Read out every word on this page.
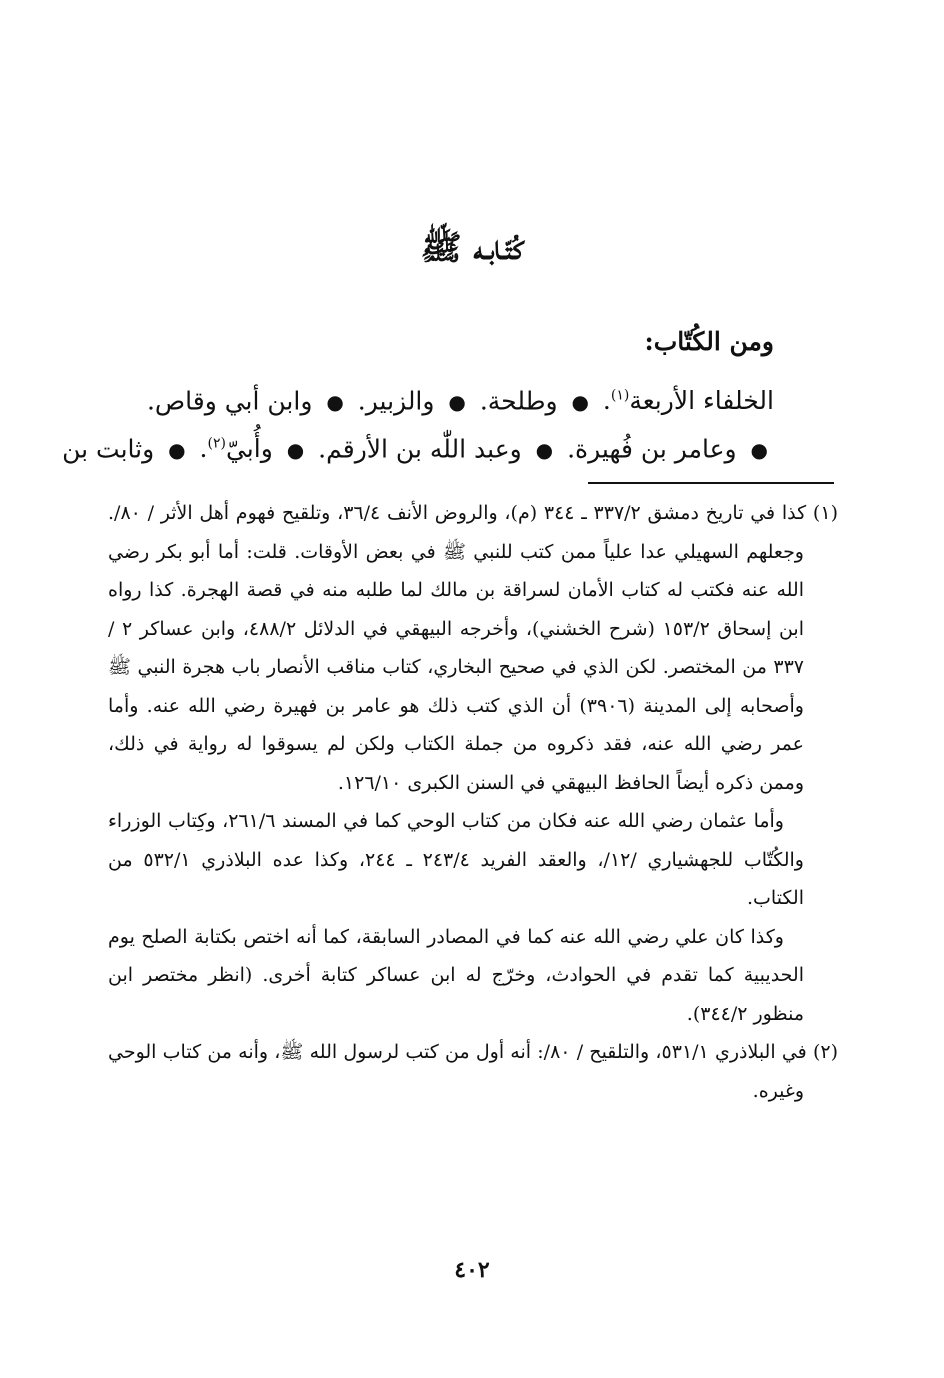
كُتّـابـه ﷺ
ومن الكُتّاب:
الخلفاء الأربعة$^{(١)}$. ● وطلحة. ● والزبير. ● وابن أبي وقاص.
● وعامر بن فُهيرة. ● وعبد اللّٰه بن الأرقم. ● وأُبيّ$^{(٢)}$. ● وثابت بن

(١) كذا في تاريخ دمشق ٣٣٧/٢ ـ ٣٤٤ (م)، والروض الأنف ٣٦/٤، وتلقيح فهوم أهل الأثر / ٨٠/. وجعلهم السهيلي عدا علياً ممن كتب للنبي ﷺ في بعض الأوقات. قلت: أما أبو بكر رضي الله عنه فكتب له كتاب الأمان لسراقة بن مالك لما طلبه منه في قصة الهجرة. كذا رواه ابن إسحاق ١٥٣/٢ (شرح الخشني)، وأخرجه البيهقي في الدلائل ٤٨٨/٢، وابن عساكر ٢ / ٣٣٧ من المختصر. لكن الذي في صحيح البخاري، كتاب مناقب الأنصار باب هجرة النبي ﷺ وأصحابه إلى المدينة (٣٩٠٦) أن الذي كتب ذلك هو عامر بن فهيرة رضي الله عنه. وأما عمر رضي الله عنه، فقد ذكروه من جملة الكتاب ولكن لم يسوقوا له رواية في ذلك، وممن ذكره أيضاً الحافظ البيهقي في السنن الكبرى ١٢٦/١٠.

وأما عثمان رضي الله عنه فكان من كتاب الوحي كما في المسند ٢٦١/٦، وكِتاب الوزراء والكُتّاب للجهشياري /١٢/، والعقد الفريد ٢٤٣/٤ ـ ٢٤٤، وكذا عده البلاذري ٥٣٢/١ من الكتاب.

وكذا كان علي رضي الله عنه كما في المصادر السابقة، كما أنه اختص بكتابة الصلح يوم الحديبية كما تقدم في الحوادث، وخرّج له ابن عساكر كتابة أخرى. (انظر مختصر ابن منظور ٣٤٤/٢).

(٢) في البلاذري ٥٣١/١، والتلقيح / ٨٠/: أنه أول من كتب لرسول الله ﷺ، وأنه من كتاب الوحي وغيره.

٤٠٢
